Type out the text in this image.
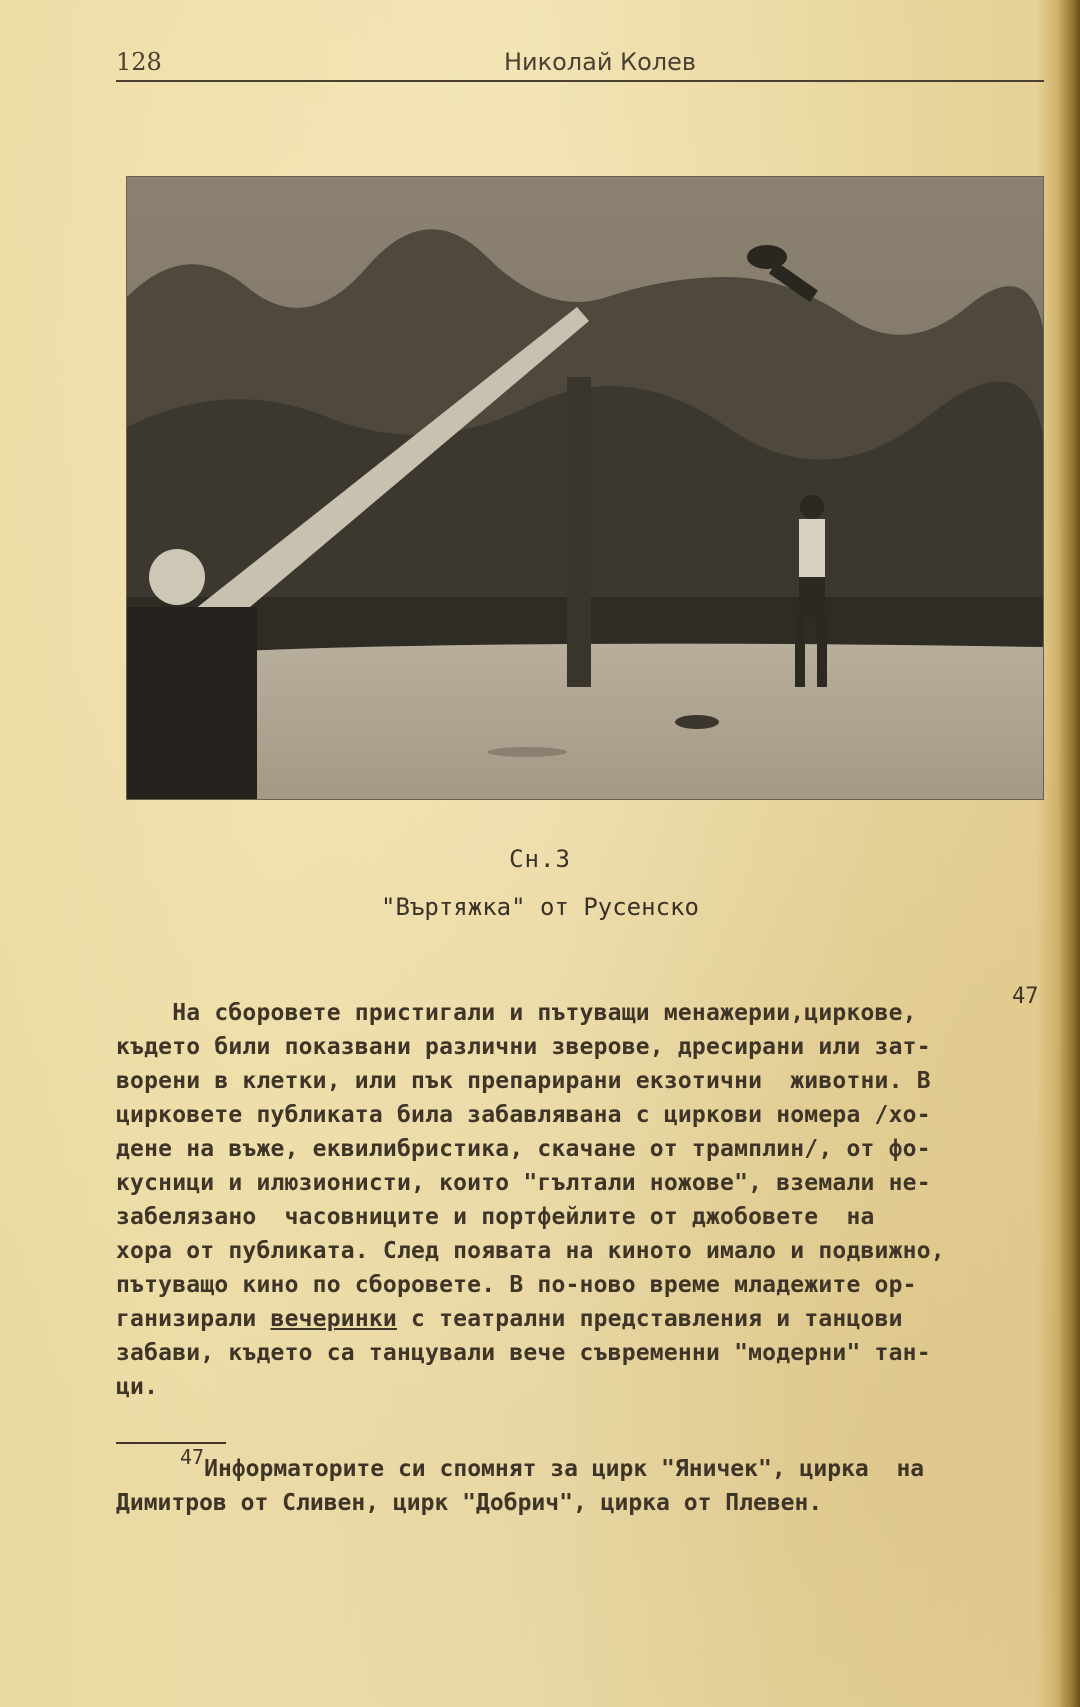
128	Николай Колев
Сн.3
"Въртяжка" от Русенско
47
На сборовете пристигали и пътуващи менажерии,циркове,
където били показвани различни зверове, дресирани или зат-
ворени в клетки, или пък препарирани екзотични  животни. В
цирковете публиката била забавлявана с циркови номера /хо-
дене на въже, еквилибристика, скачане от трамплин/, от фо-
кусници и илюзионисти, които "гълтали ножове", вземали не-
забелязано  часовниците и портфейлите от джобовете  на
хора от публиката. След появата на киното имало и подвижно,
пътуващо кино по сборовете. В по-ново време младежите ор-
ганизирали вечеринки с театрални представления и танцови
забави, където са танцували вече съвременни "модерни" тан-
ци.
47Информаторите си спомнят за цирк "Яничек", цирка  на
Димитров от Сливен, цирк "Добрич", цирка от Плевен.
